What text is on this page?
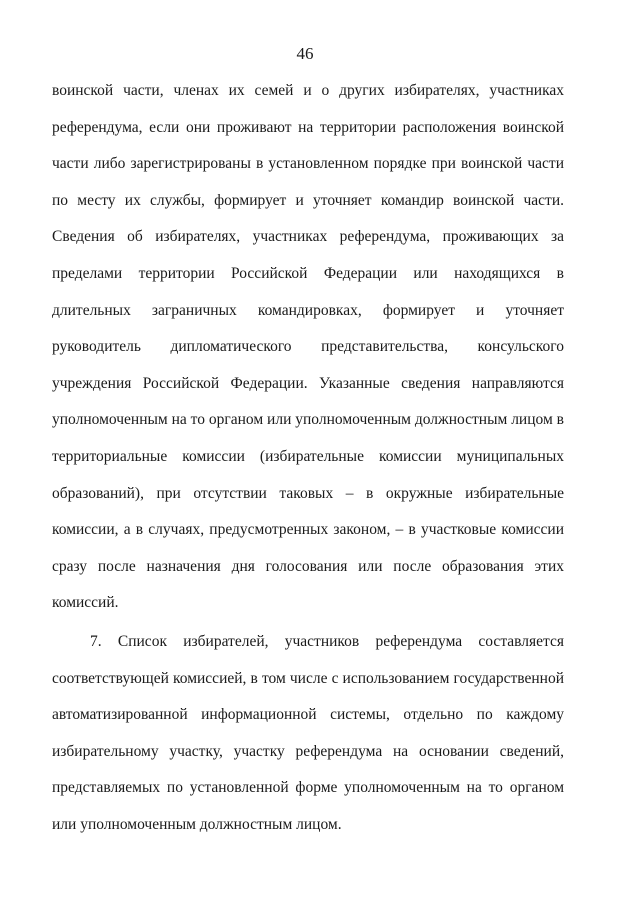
46
воинской части, членах их семей и о других избирателях, участниках
референдума, если они проживают на территории расположения воинской
части либо зарегистрированы в установленном порядке при воинской части
по месту их службы, формирует и уточняет командир воинской части.
Сведения об избирателях, участниках референдума, проживающих за
пределами территории Российской Федерации или находящихся в
длительных заграничных командировках, формирует и уточняет
руководитель дипломатического представительства, консульского
учреждения Российской Федерации. Указанные сведения направляются
уполномоченным на то органом или уполномоченным должностным лицом в
территориальные комиссии (избирательные комиссии муниципальных
образований), при отсутствии таковых – в окружные избирательные
комиссии, а в случаях, предусмотренных законом, – в участковые комиссии
сразу после назначения дня голосования или после образования этих
комиссий.
7. Список избирателей, участников референдума составляется
соответствующей комиссией, в том числе с использованием государственной
автоматизированной информационной системы, отдельно по каждому
избирательному участку, участку референдума на основании сведений,
представляемых по установленной форме уполномоченным на то органом
или уполномоченным должностным лицом.
